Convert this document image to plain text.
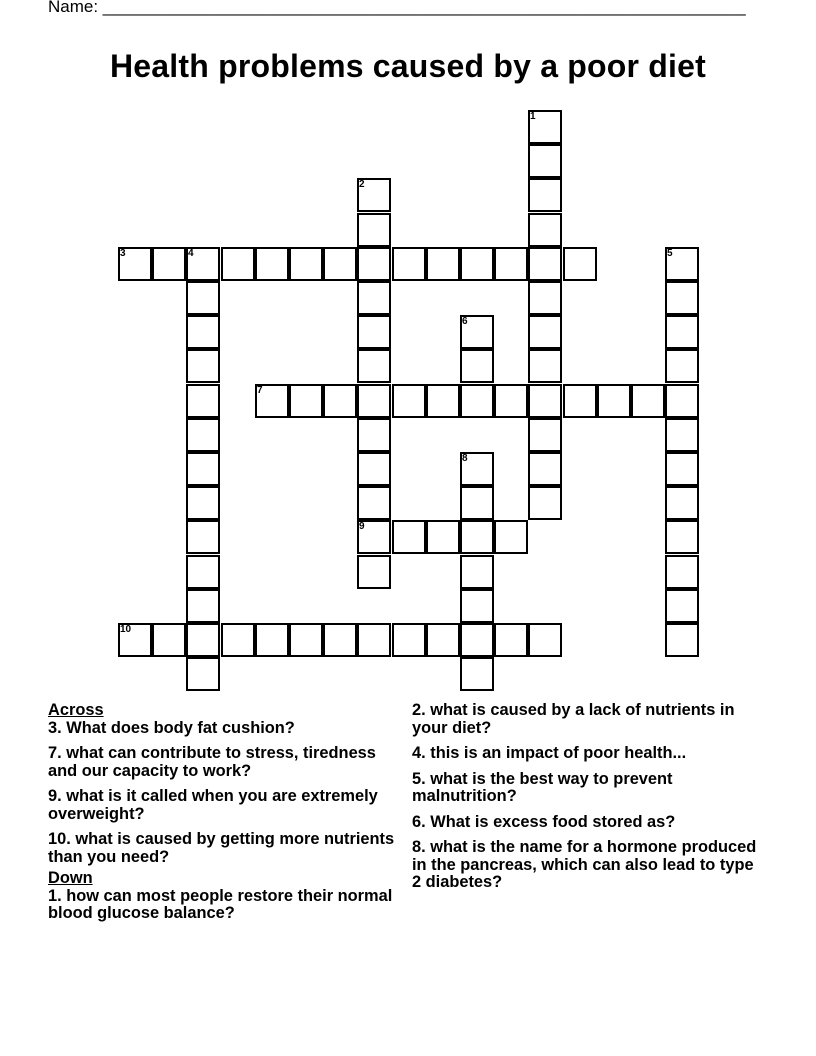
Name: ____________________________________________________________________
Health problems caused by a poor diet
1
2
9
3	4	5
6
7
8
10
Across
3. What does body fat cushion?
7. what can contribute to stress, tiredness and our capacity to work?
9. what is it called when you are extremely overweight?
10. what is caused by getting more nutrients than you need?
Down
1. how can most people restore their normal blood glucose balance?
2. what is caused by a lack of nutrients in your diet?
4. this is an impact of poor health...
5. what is the best way to prevent malnutrition?
6. What is excess food stored as?
8. what is the name for a hormone produced in the pancreas, which can also lead to type 2 diabetes?
